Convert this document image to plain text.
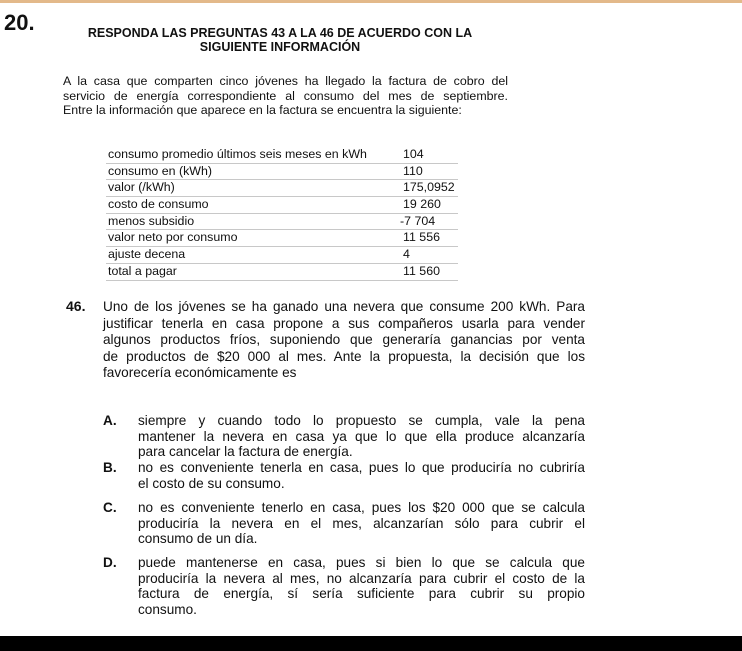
20.	RESPONDA LAS PREGUNTAS 43 A LA 46 DE ACUERDO CON LA
SIGUIENTE INFORMACIÓN
A la casa que comparten cinco jóvenes ha llegado la factura de cobro del
servicio de energía correspondiente al consumo del mes de septiembre.
Entre la información que aparece en la factura se encuentra la siguiente:
consumo promedio últimos seis meses en kWh	104
consumo en (kWh)	110
valor (/kWh)	175,0952
costo de consumo	19 260
menos subsidio	-7 704
valor neto por consumo	11 556
ajuste decena	4
total a pagar	11 560
46. Uno de los jóvenes se ha ganado una nevera que consume 200 kWh. Para
justificar tenerla en casa propone a sus compañeros usarla para vender
algunos productos fríos, suponiendo que generaría ganancias por venta
de productos de $20 000 al mes. Ante la propuesta, la decisión que los
favorecería económicamente es
A. siempre y cuando todo lo propuesto se cumpla, vale la pena
mantener la nevera en casa ya que lo que ella produce alcanzaría
para cancelar la factura de energía.
B. no es conveniente tenerla en casa, pues lo que produciría no cubriría
el costo de su consumo.
C. no es conveniente tenerlo en casa, pues los $20 000 que se calcula
produciría la nevera en el mes, alcanzarían sólo para cubrir el
consumo de un día.
D. puede mantenerse en casa, pues si bien lo que se calcula que
produciría la nevera al mes, no alcanzaría para cubrir el costo de la
factura de energía, sí sería suficiente para cubrir su propio
consumo.
